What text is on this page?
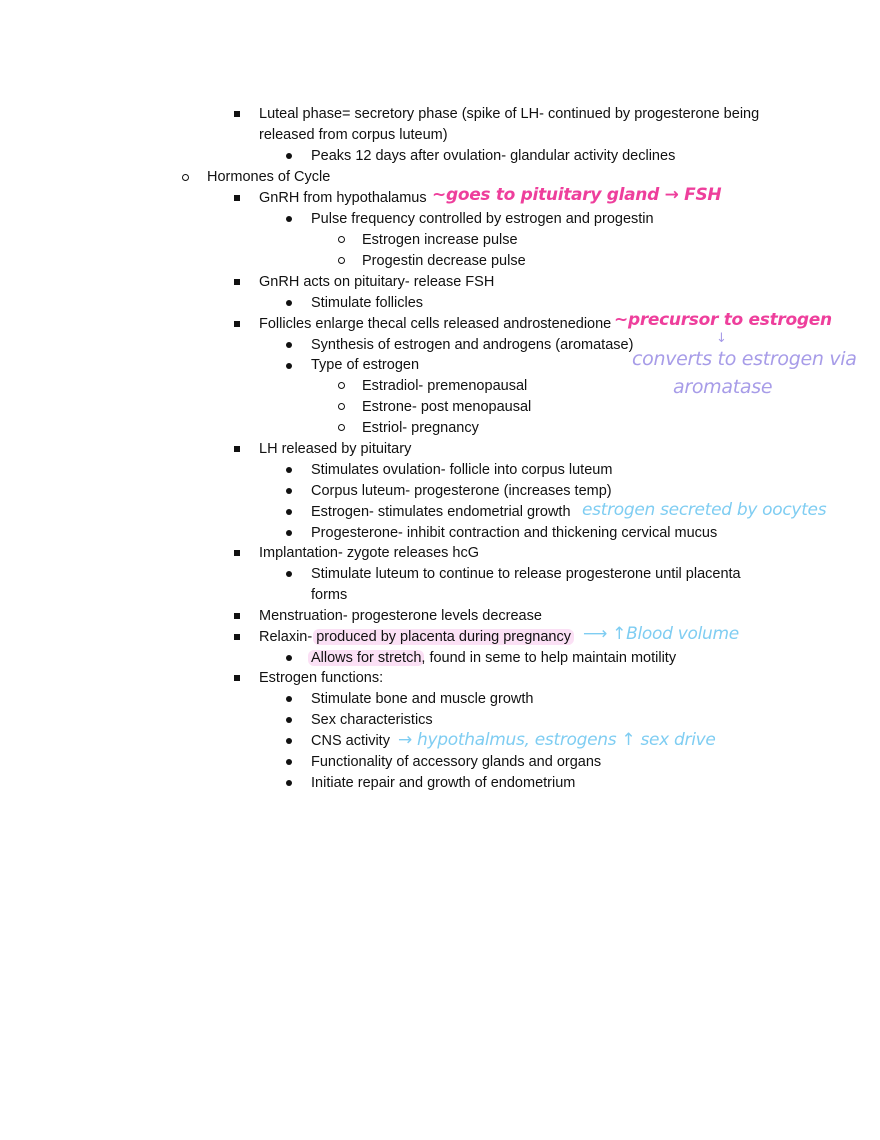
Luteal phase= secretory phase (spike of LH- continued by progesterone being
released from corpus luteum)
Peaks 12 days after ovulation- glandular activity declines
Hormones of Cycle
GnRH from hypothalamus
Pulse frequency controlled by estrogen and progestin
Estrogen increase pulse
Progestin decrease pulse
GnRH acts on pituitary- release FSH
Stimulate follicles
Follicles enlarge thecal cells released androstenedione
Synthesis of estrogen and androgens (aromatase)
Type of estrogen
Estradiol- premenopausal
Estrone- post menopausal
Estriol- pregnancy
LH released by pituitary
Stimulates ovulation- follicle into corpus luteum
Corpus luteum- progesterone (increases temp)
Estrogen- stimulates endometrial growth
Progesterone- inhibit contraction and thickening cervical mucus
Implantation- zygote releases hcG
Stimulate luteum to continue to release progesterone until placenta
forms
Menstruation- progesterone levels decrease
Relaxin- produced by placenta during pregnancy
Allows for stretch, found in seme to help maintain motility
Estrogen functions:
Stimulate bone and muscle growth
Sex characteristics
CNS activity
Functionality of accessory glands and organs
Initiate repair and growth of endometrium
~goes to pituitary gland → FSH
~precursor to estrogen
↓
converts to estrogen via
aromatase
estrogen secreted by oocytes
⟶ ↑Blood volume
→ hypothalmus, estrogens ↑ sex drive
